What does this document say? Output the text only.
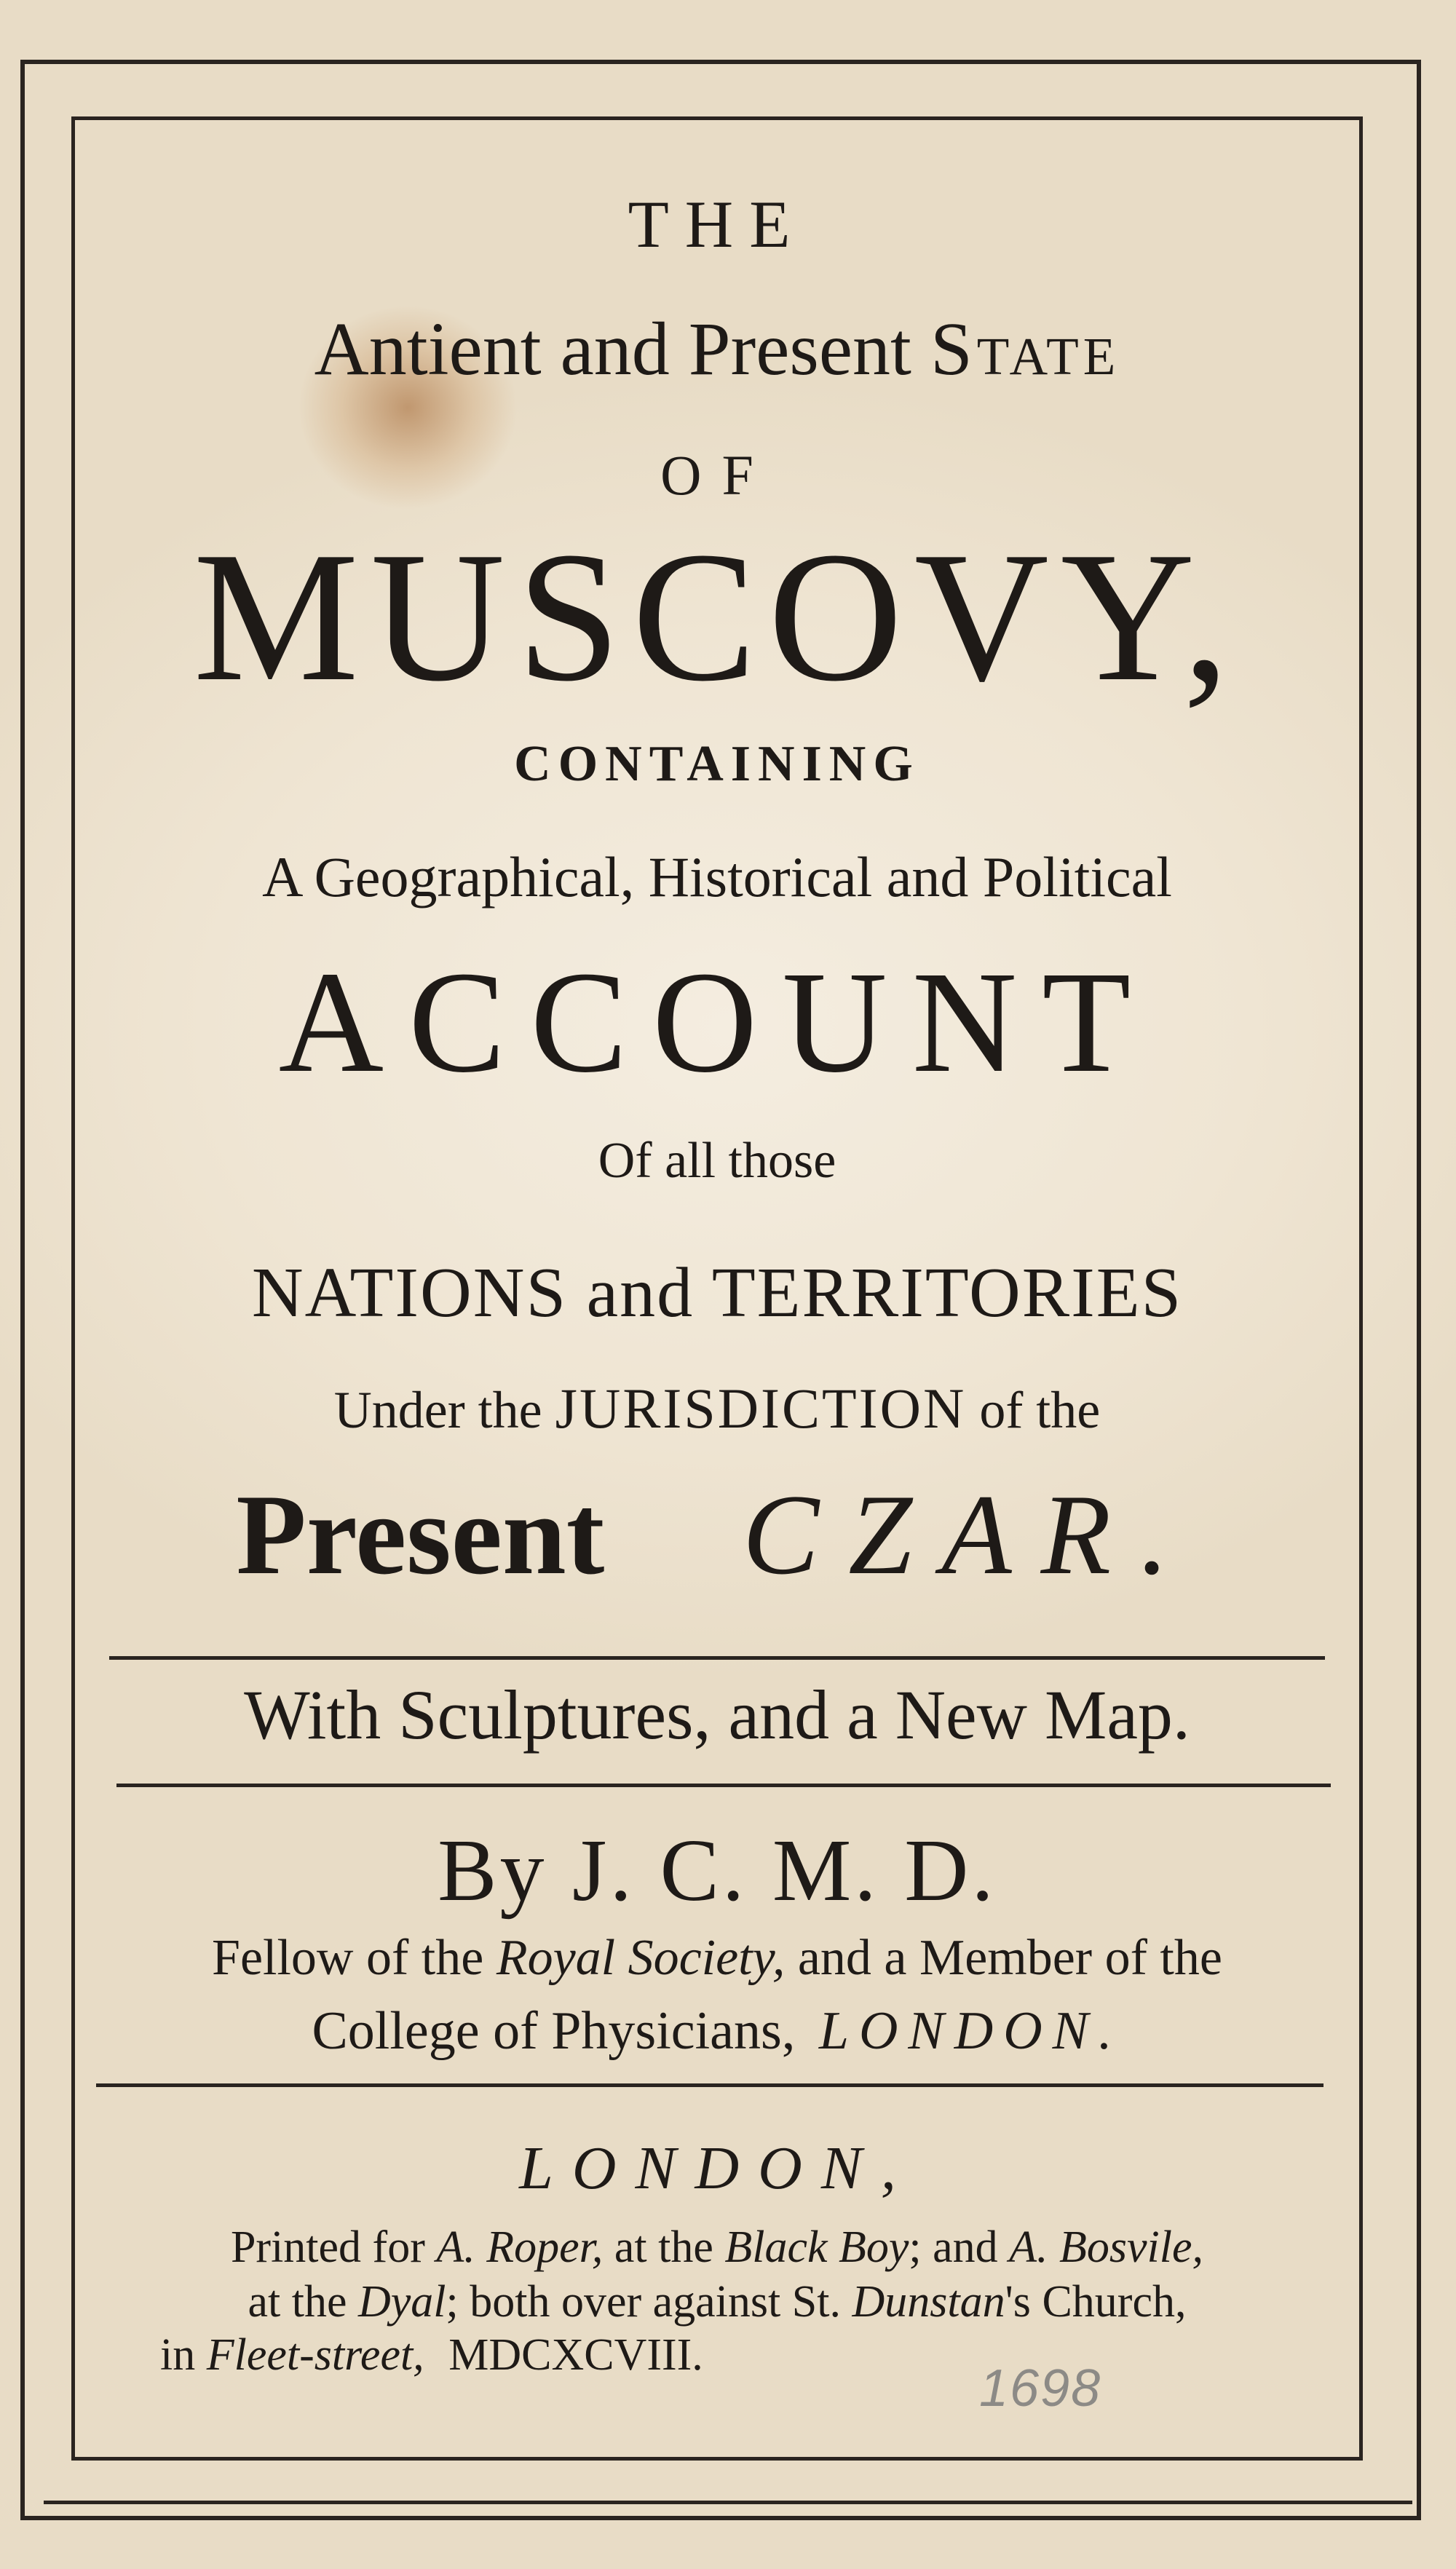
THE
Antient and Present State
OF
MUSCOVY,
CONTAINING
A Geographical, Historical and Political
ACCOUNT
Of all those
NATIONS and TERRITORIES
Under the JURISDICTION of the
Present CZAR.
With Sculptures, and a New Map.
By J. C. M. D.
Fellow of the Royal Society, and a Member of the
College of Physicians, LONDON.
LONDON,
Printed for A. Roper, at the Black Boy; and A. Bosvile,
at the Dyal; both over against St. Dunstan's Church,
in Fleet-street, MDCXCVIII.
1698
